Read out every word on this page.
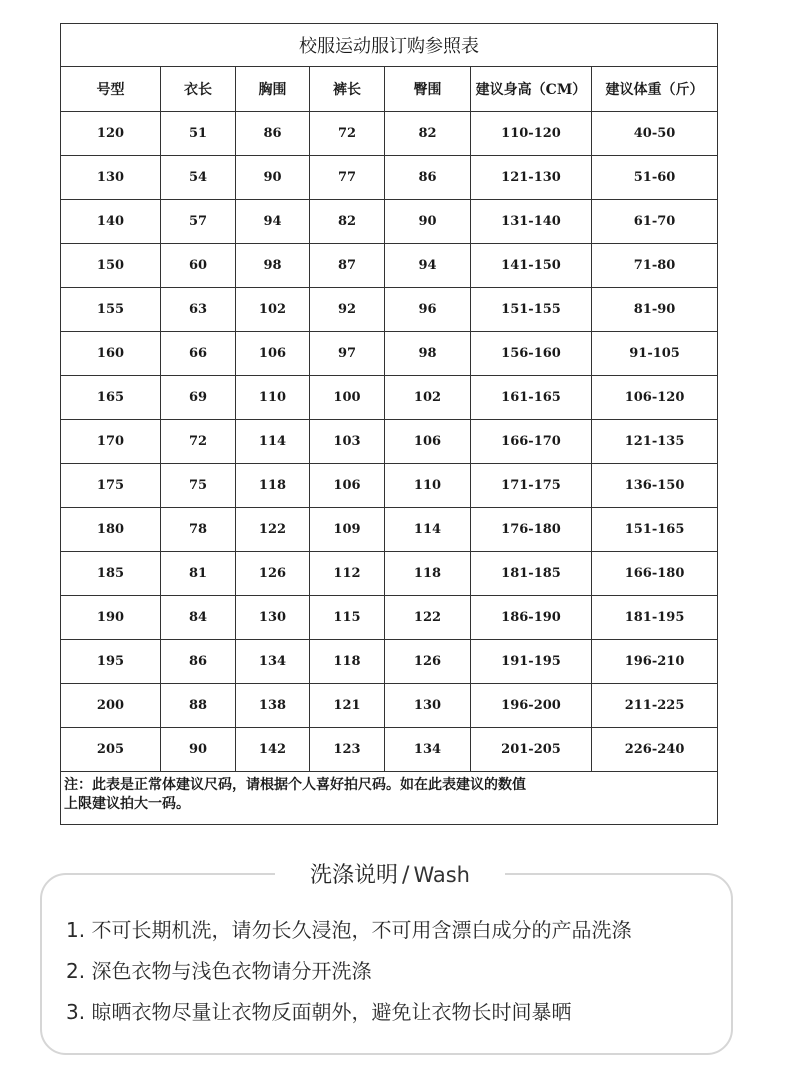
校服运动服订购参照表						
号型	衣长	胸围	裤长	臀围	建议身高（CM）	建议体重（斤）
120	51	86	72	82	110-120	40-50
130	54	90	77	86	121-130	51-60
140	57	94	82	90	131-140	61-70
150	60	98	87	94	141-150	71-80
155	63	102	92	96	151-155	81-90
160	66	106	97	98	156-160	91-105
165	69	110	100	102	161-165	106-120
170	72	114	103	106	166-170	121-135
175	75	118	106	110	171-175	136-150
180	78	122	109	114	176-180	151-165
185	81	126	112	118	181-185	166-180
190	84	130	115	122	186-190	181-195
195	86	134	118	126	191-195	196-210
200	88	138	121	130	196-200	211-225
205	90	142	123	134	201-205	226-240

注：此表是正常体建议尺码，请根据个人喜好拍尺码。如在此表建议的数值
上限建议拍大一码。						
洗涤说明 / Wash
1. 不可长期机洗，请勿长久浸泡，不可用含漂白成分的产品洗涤
2. 深色衣物与浅色衣物请分开洗涤
3. 晾晒衣物尽量让衣物反面朝外，避免让衣物长时间暴晒
